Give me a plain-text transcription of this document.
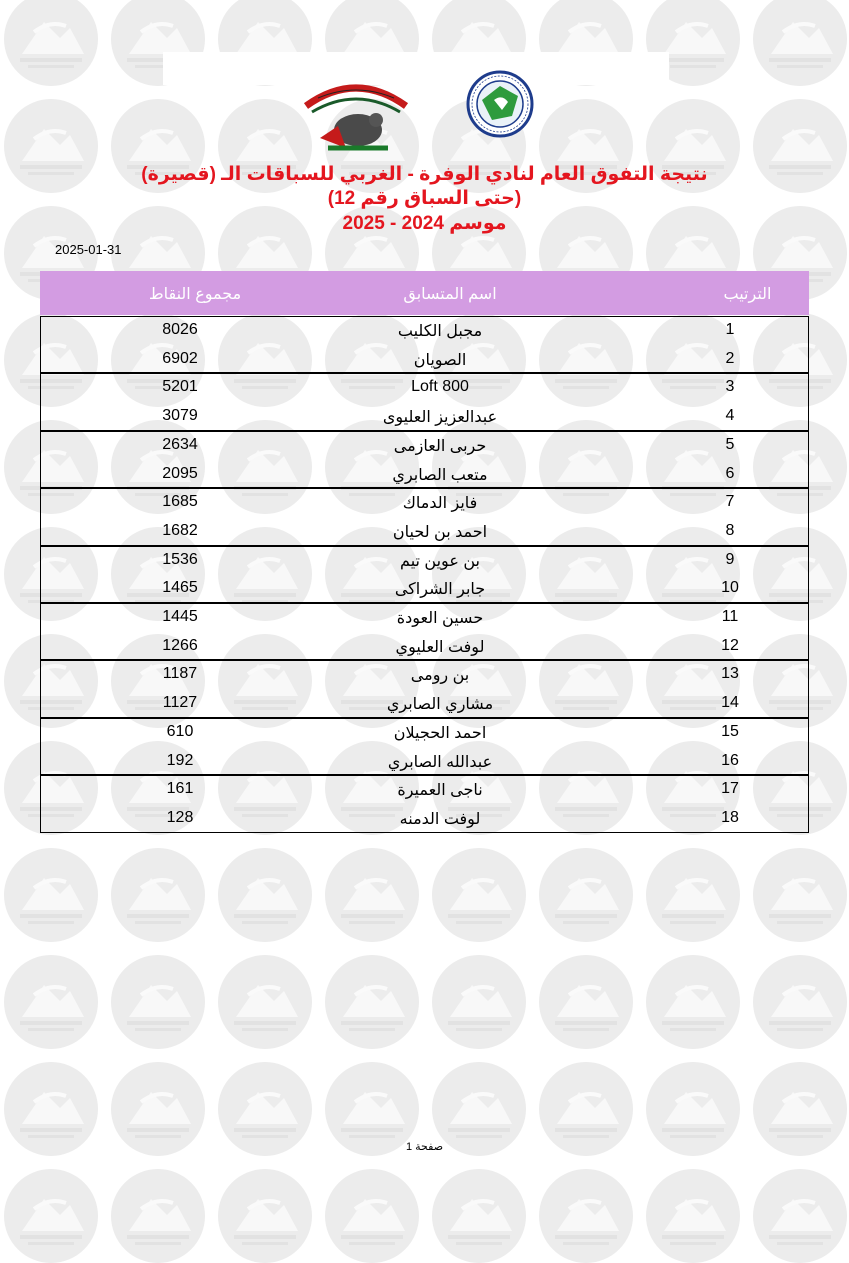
نتيجة التفوق العام لنادي الوفرة - الغربي للسباقات الـ (قصيرة)
(حتى السباق رقم 12)
موسم 2024 - 2025
2025-01-31
الترتيب
اسم المتسابق
مجموع النقاط
1
مجبل الكليب
8026
2
الصويان
6902
3
Loft 800
5201
4
عبدالعزيز العليوى
3079
5
حربى العازمى
2634
6
متعب الصابري
2095
7
فايز الدماك
1685
8
احمد بن لحيان
1682
9
بن عوين تيم
1536
10
جابر الشراكى
1465
11
حسين العودة
1445
12
لوفت العليوي
1266
13
بن رومى
1187
14
مشاري الصابري
1127
15
احمد الحجيلان
610
16
عبدالله الصابري
192
17
ناجى العميرة
161
18
لوفت الدمنه
128
صفحة 1
